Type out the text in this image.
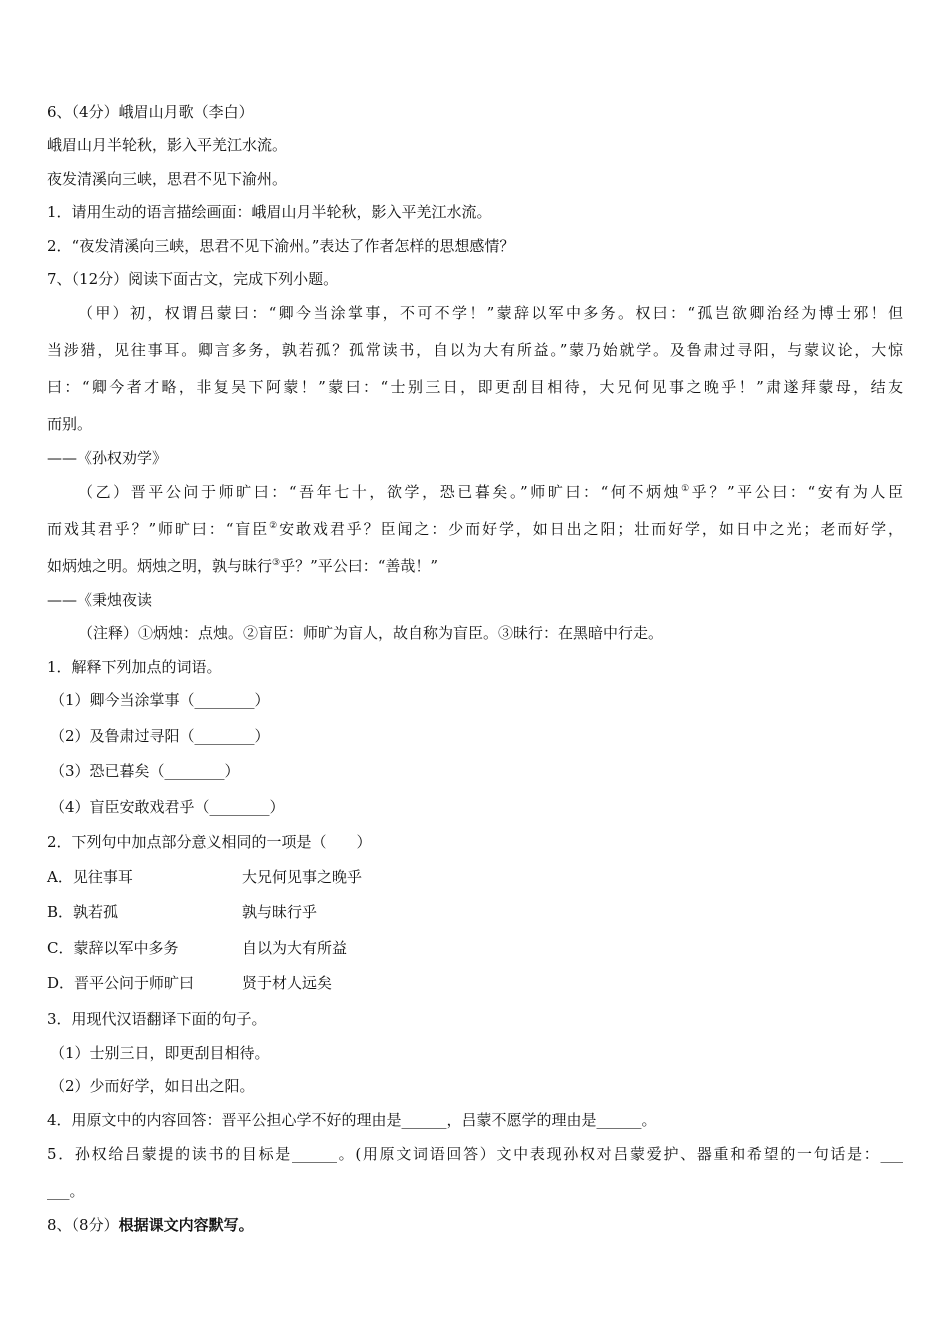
6、（4分）峨眉山月歌（李白）
峨眉山月半轮秋，影入平羌江水流。
夜发清溪向三峡，思君不见下渝州。
1．请用生动的语言描绘画面：峨眉山月半轮秋，影入平羌江水流。
2．“夜发清溪向三峡，思君不见下渝州。”表达了作者怎样的思想感情？
7、（12分）阅读下面古文，完成下列小题。
（甲）初，权谓吕蒙曰：“卿今当涂掌事，不可不学！”蒙辞以军中多务。权曰：“孤岂欲卿治经为博士邪！但
当涉猎，见往事耳。卿言多务，孰若孤？孤常读书，自以为大有所益。”蒙乃始就学。及鲁肃过寻阳，与蒙议论，大惊
曰：“卿今者才略，非复吴下阿蒙！”蒙曰：“士别三日，即更刮目相待，大兄何见事之晚乎！”肃遂拜蒙母，结友
而别。
——《孙权劝学》
（乙）晋平公问于师旷曰：“吾年七十，欲学，恐已暮矣。”师旷曰：“何不炳烛①乎？”平公曰：“安有为人臣
而戏其君乎？”师旷曰：“盲臣②安敢戏君乎？臣闻之：少而好学，如日出之阳；壮而好学，如日中之光；老而好学，
如炳烛之明。炳烛之明，孰与昧行③乎？”平公曰：“善哉！”
——《秉烛夜读
（注释）①炳烛：点烛。②盲臣：师旷为盲人，故自称为盲臣。③昧行：在黑暗中行走。
1．解释下列加点的词语。
（1）卿今当涂掌事（________）
（2）及鲁肃过寻阳（________）
（3）恐已暮矣（________）
（4）盲臣安敢戏君乎（________）
2．下列句中加点部分意义相同的一项是（　　）
A．见往事耳	大兄何见事之晚乎
B．孰若孤	孰与昧行乎
C．蒙辞以军中多务	自以为大有所益
D．晋平公问于师旷曰	贤于材人远矣
3．用现代汉语翻译下面的句子。
（1）士别三日，即更刮目相待。
（2）少而好学，如日出之阳。
4．用原文中的内容回答：晋平公担心学不好的理由是______，吕蒙不愿学的理由是______。
5．孙权给吕蒙提的读书的目标是______。(用原文词语回答）文中表现孙权对吕蒙爱护、器重和希望的一句话是：___
___。
8、（8分）根据课文内容默写。
